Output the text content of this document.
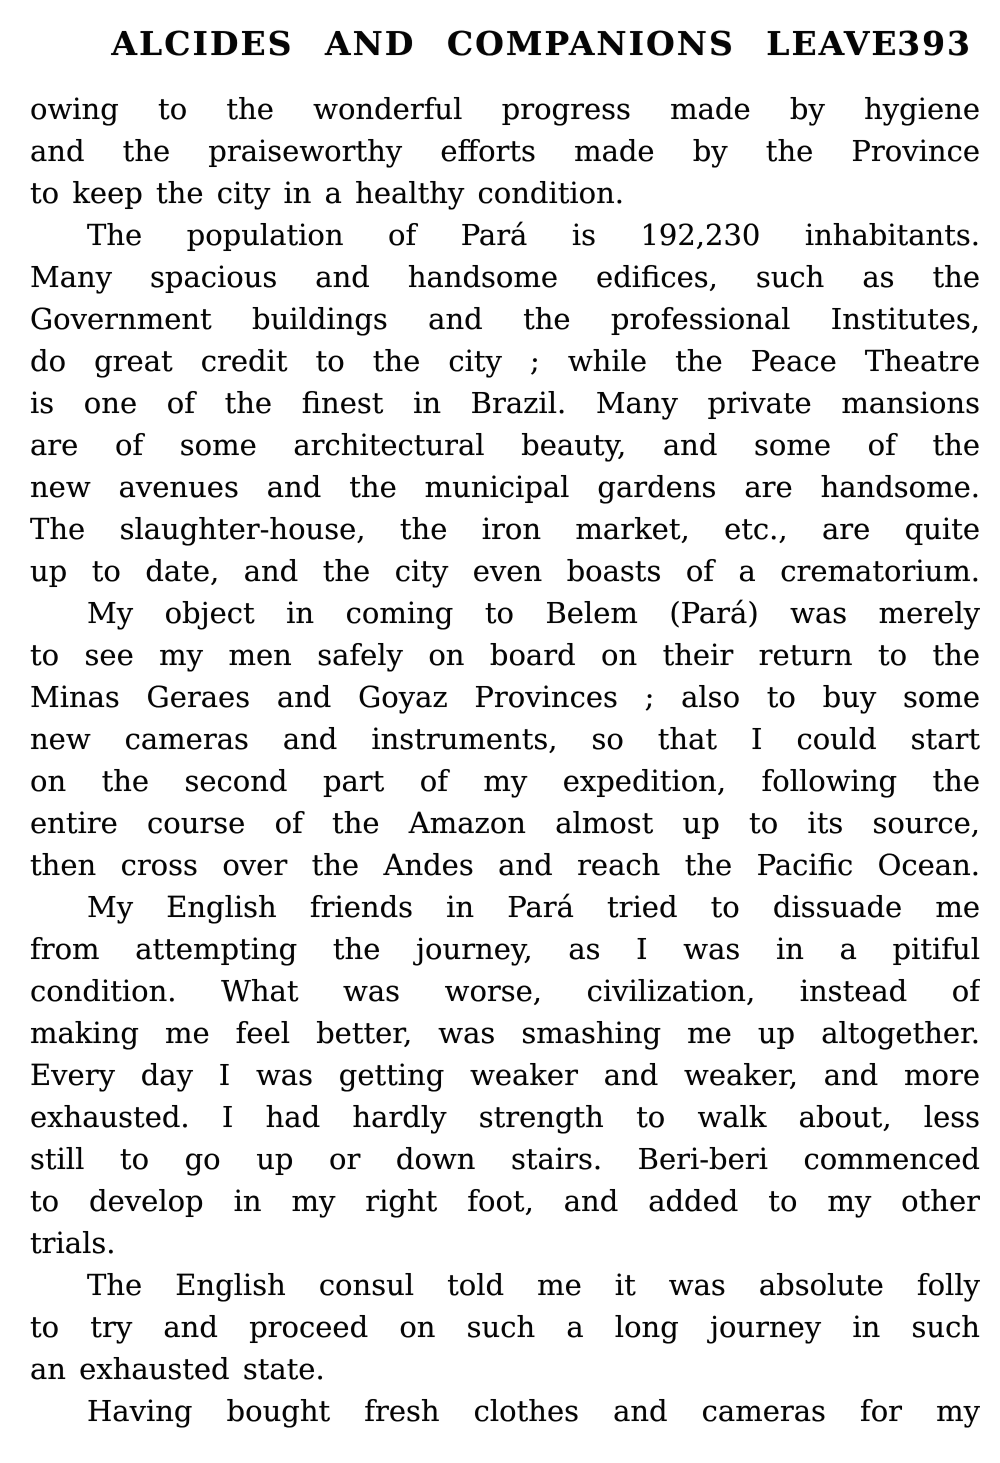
ALCIDES AND COMPANIONS LEAVE
393
owing to the wonderful progress made by hygiene
and the praiseworthy efforts made by the Province
to keep the city in a healthy condition.
The population of Pará is 192,230 inhabitants.
Many spacious and handsome edifices, such as the
Government buildings and the professional Institutes,
do great credit to the city ; while the Peace Theatre
is one of the finest in Brazil. Many private mansions
are of some architectural beauty, and some of the
new avenues and the municipal gardens are handsome.
The slaughter-house, the iron market, etc., are quite
up to date, and the city even boasts of a crematorium.
My object in coming to Belem (Pará) was merely
to see my men safely on board on their return to the
Minas Geraes and Goyaz Provinces ; also to buy some
new cameras and instruments, so that I could start
on the second part of my expedition, following the
entire course of the Amazon almost up to its source,
then cross over the Andes and reach the Pacific Ocean.
My English friends in Pará tried to dissuade me
from attempting the journey, as I was in a pitiful
condition. What was worse, civilization, instead of
making me feel better, was smashing me up altogether.
Every day I was getting weaker and weaker, and more
exhausted. I had hardly strength to walk about, less
still to go up or down stairs. Beri-beri commenced
to develop in my right foot, and added to my other
trials.
The English consul told me it was absolute folly
to try and proceed on such a long journey in such
an exhausted state.
Having bought fresh clothes and cameras for my
